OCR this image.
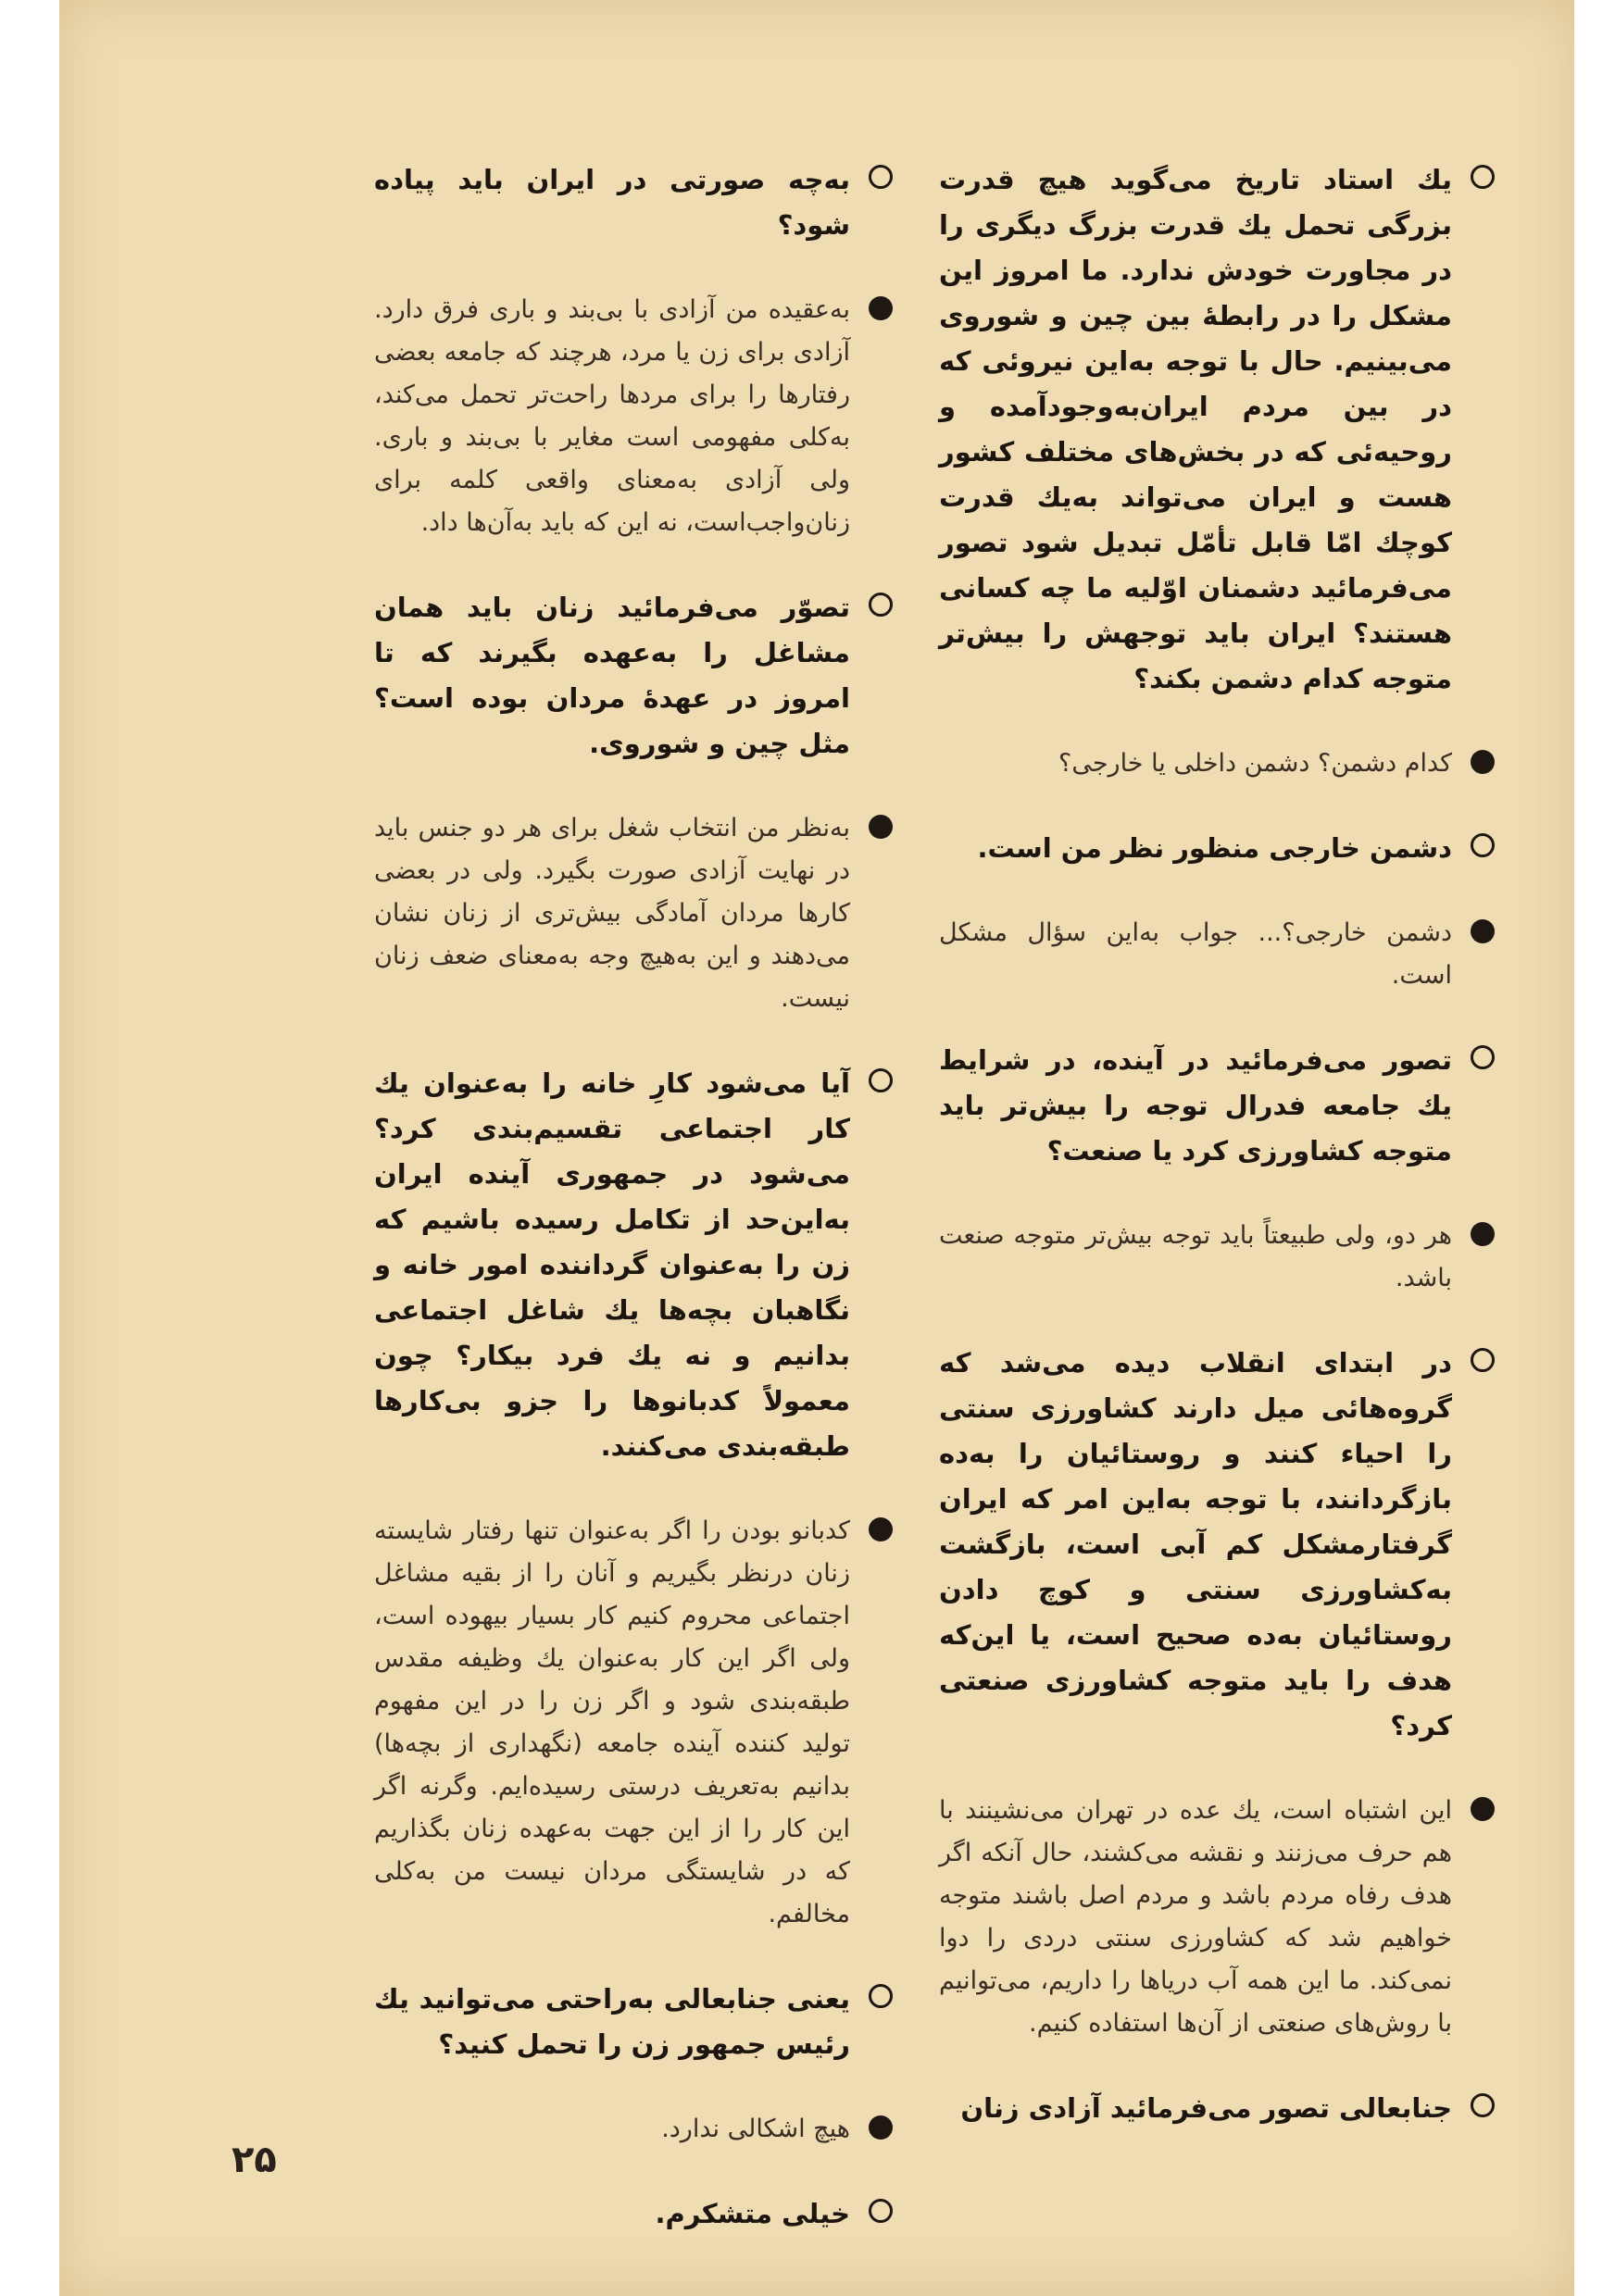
يك استاد تاريخ می‌گويد هيچ قدرت بزرگی تحمل يك قدرت بزرگ ديگری را در مجاورت خودش ندارد. ما امروز اين مشكل را در رابطهٔ بين چين و شوروی می‌بينيم. حال با توجه به‌اين نيروئی كه در بين مردم ايران‌به‌وجودآمده و روحيه‌ئی كه در بخش‌های مختلف كشور هست و ايران می‌تواند به‌يك قدرت كوچك امّا قابل تأمّل تبديل شود تصور می‌فرمائيد دشمنان اوّليه ما چه كسانی هستند؟ ايران بايد توجهش را بيش‌تر متوجه كدام دشمن بكند؟

كدام دشمن؟ دشمن داخلی يا خارجی؟

دشمن خارجی منظور نظر من است.

دشمن خارجی؟... جواب به‌اين سؤال مشكل است.

تصور می‌فرمائيد در آينده، در شرايط يك جامعه فدرال توجه را بيش‌تر بايد متوجه كشاورزی كرد يا صنعت؟

هر دو، ولی طبيعتاً بايد توجه بيش‌تر متوجه صنعت باشد.

در ابتدای انقلاب ديده می‌شد كه گروه‌هائی ميل دارند كشاورزی سنتی را احياء كنند و روستائيان را به‌ده بازگردانند، با توجه به‌اين امر كه ايران گرفتارمشكل كم آبی است، بازگشت به‌كشاورزی سنتی و كوچ دادن روستائيان به‌ده صحيح است، يا اين‌كه هدف را بايد متوجه كشاورزی صنعتی كرد؟

اين اشتباه است، يك عده در تهران می‌نشينند با هم حرف می‌زنند و نقشه می‌كشند، حال آنكه اگر هدف رفاه مردم باشد و مردم اصل باشند متوجه خواهيم شد كه كشاورزی سنتی دردی را دوا نمی‌كند. ما اين همه آب درياها را داريم، می‌توانيم با روش‌های صنعتی از آن‌ها استفاده كنيم.

جنابعالی تصور می‌فرمائيد آزادی زنان

به‌چه صورتی در ايران بايد پياده شود؟

به‌عقيده من آزادی با بی‌بند و باری فرق دارد. آزادی برای زن يا مرد، هرچند كه جامعه بعضی رفتارها را برای مردها راحت‌تر تحمل می‌كند، به‌كلی مفهومی است مغاير با بی‌بند و باری. ولی آزادی به‌معنای واقعی كلمه برای زنان‌واجب‌است، نه اين كه بايد به‌آن‌ها داد.

تصوّر می‌فرمائيد زنان بايد همان مشاغل را به‌عهده بگيرند كه تا امروز در عهدهٔ مردان بوده است؟ مثل چين و شوروی.

به‌نظر من انتخاب شغل برای هر دو جنس بايد در نهايت آزادی صورت بگيرد. ولی در بعضی كارها مردان آمادگی بيش‌تری از زنان نشان می‌دهند و اين به‌هيچ وجه به‌معنای ضعف زنان نيست.

آيا می‌شود كارِ خانه را به‌عنوان يك كار اجتماعی تقسيم‌بندی كرد؟ می‌شود در جمهوری آينده ايران به‌اين‌حد از تكامل رسيده باشيم كه زن را به‌عنوان گرداننده امور خانه و نگاهبان بچه‌ها يك شاغل اجتماعی بدانيم و نه يك فرد بيكار؟ چون معمولاً كدبانوها را جزو بی‌كارها طبقه‌بندی می‌كنند.

كدبانو بودن را اگر به‌عنوان تنها رفتار شايسته زنان درنظر بگيريم و آنان را از بقيه مشاغل اجتماعی محروم كنيم كار بسيار بيهوده است، ولی اگر اين كار به‌عنوان يك وظيفه مقدس طبقه‌بندی شود و اگر زن را در اين مفهوم توليد كننده آينده جامعه (نگهداری از بچه‌ها) بدانيم به‌تعريف درستی رسيده‌ايم. وگرنه اگر اين كار را از اين جهت به‌عهده زنان بگذاريم كه در شايستگی مردان نيست من به‌كلی مخالفم.

يعنی جنابعالی به‌راحتی می‌توانيد يك رئيس جمهور زن را تحمل كنيد؟

هيچ اشكالی ندارد.

خيلی متشكرم.

۲۵
